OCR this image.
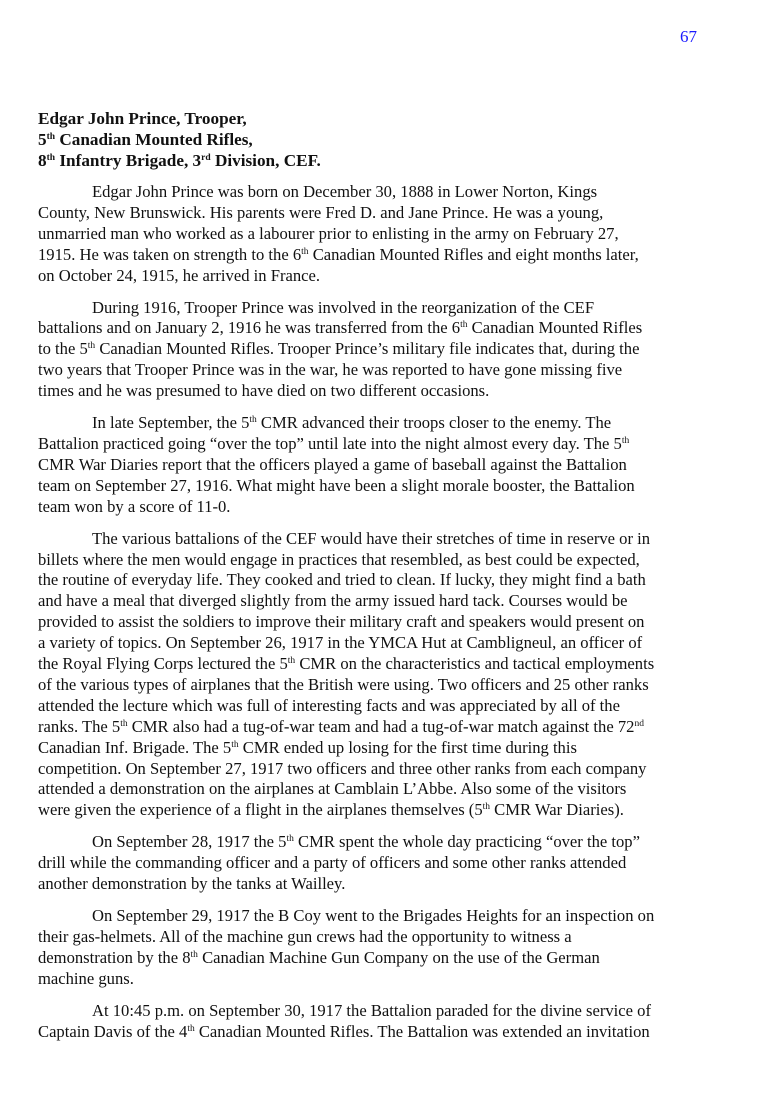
67
Edgar John Prince, Trooper,
5th Canadian Mounted Rifles,
8th Infantry Brigade, 3rd Division, CEF.

Edgar John Prince was born on December 30, 1888 in Lower Norton, Kings
County, New Brunswick. His parents were Fred D. and Jane Prince. He was a young,
unmarried man who worked as a labourer prior to enlisting in the army on February 27,
1915. He was taken on strength to the 6th Canadian Mounted Rifles and eight months later,
on October 24, 1915, he arrived in France.

During 1916, Trooper Prince was involved in the reorganization of the CEF
battalions and on January 2, 1916 he was transferred from the 6th Canadian Mounted Rifles
to the 5th Canadian Mounted Rifles. Trooper Prince’s military file indicates that, during the
two years that Trooper Prince was in the war, he was reported to have gone missing five
times and he was presumed to have died on two different occasions.

In late September, the 5th CMR advanced their troops closer to the enemy. The
Battalion practiced going “over the top” until late into the night almost every day. The 5th
CMR War Diaries report that the officers played a game of baseball against the Battalion
team on September 27, 1916. What might have been a slight morale booster, the Battalion
team won by a score of 11-0.

The various battalions of the CEF would have their stretches of time in reserve or in
billets where the men would engage in practices that resembled, as best could be expected,
the routine of everyday life. They cooked and tried to clean. If lucky, they might find a bath
and have a meal that diverged slightly from the army issued hard tack. Courses would be
provided to assist the soldiers to improve their military craft and speakers would present on
a variety of topics. On September 26, 1917 in the YMCA Hut at Cambligneul, an officer of
the Royal Flying Corps lectured the 5th CMR on the characteristics and tactical employments
of the various types of airplanes that the British were using. Two officers and 25 other ranks
attended the lecture which was full of interesting facts and was appreciated by all of the
ranks. The 5th CMR also had a tug-of-war team and had a tug-of-war match against the 72nd
Canadian Inf. Brigade. The 5th CMR ended up losing for the first time during this
competition. On September 27, 1917 two officers and three other ranks from each company
attended a demonstration on the airplanes at Camblain L’Abbe. Also some of the visitors
were given the experience of a flight in the airplanes themselves (5th CMR War Diaries).

On September 28, 1917 the 5th CMR spent the whole day practicing “over the top”
drill while the commanding officer and a party of officers and some other ranks attended
another demonstration by the tanks at Wailley.

On September 29, 1917 the B Coy went to the Brigades Heights for an inspection on
their gas-helmets. All of the machine gun crews had the opportunity to witness a
demonstration by the 8th Canadian Machine Gun Company on the use of the German
machine guns.

At 10:45 p.m. on September 30, 1917 the Battalion paraded for the divine service of
Captain Davis of the 4th Canadian Mounted Rifles. The Battalion was extended an invitation
